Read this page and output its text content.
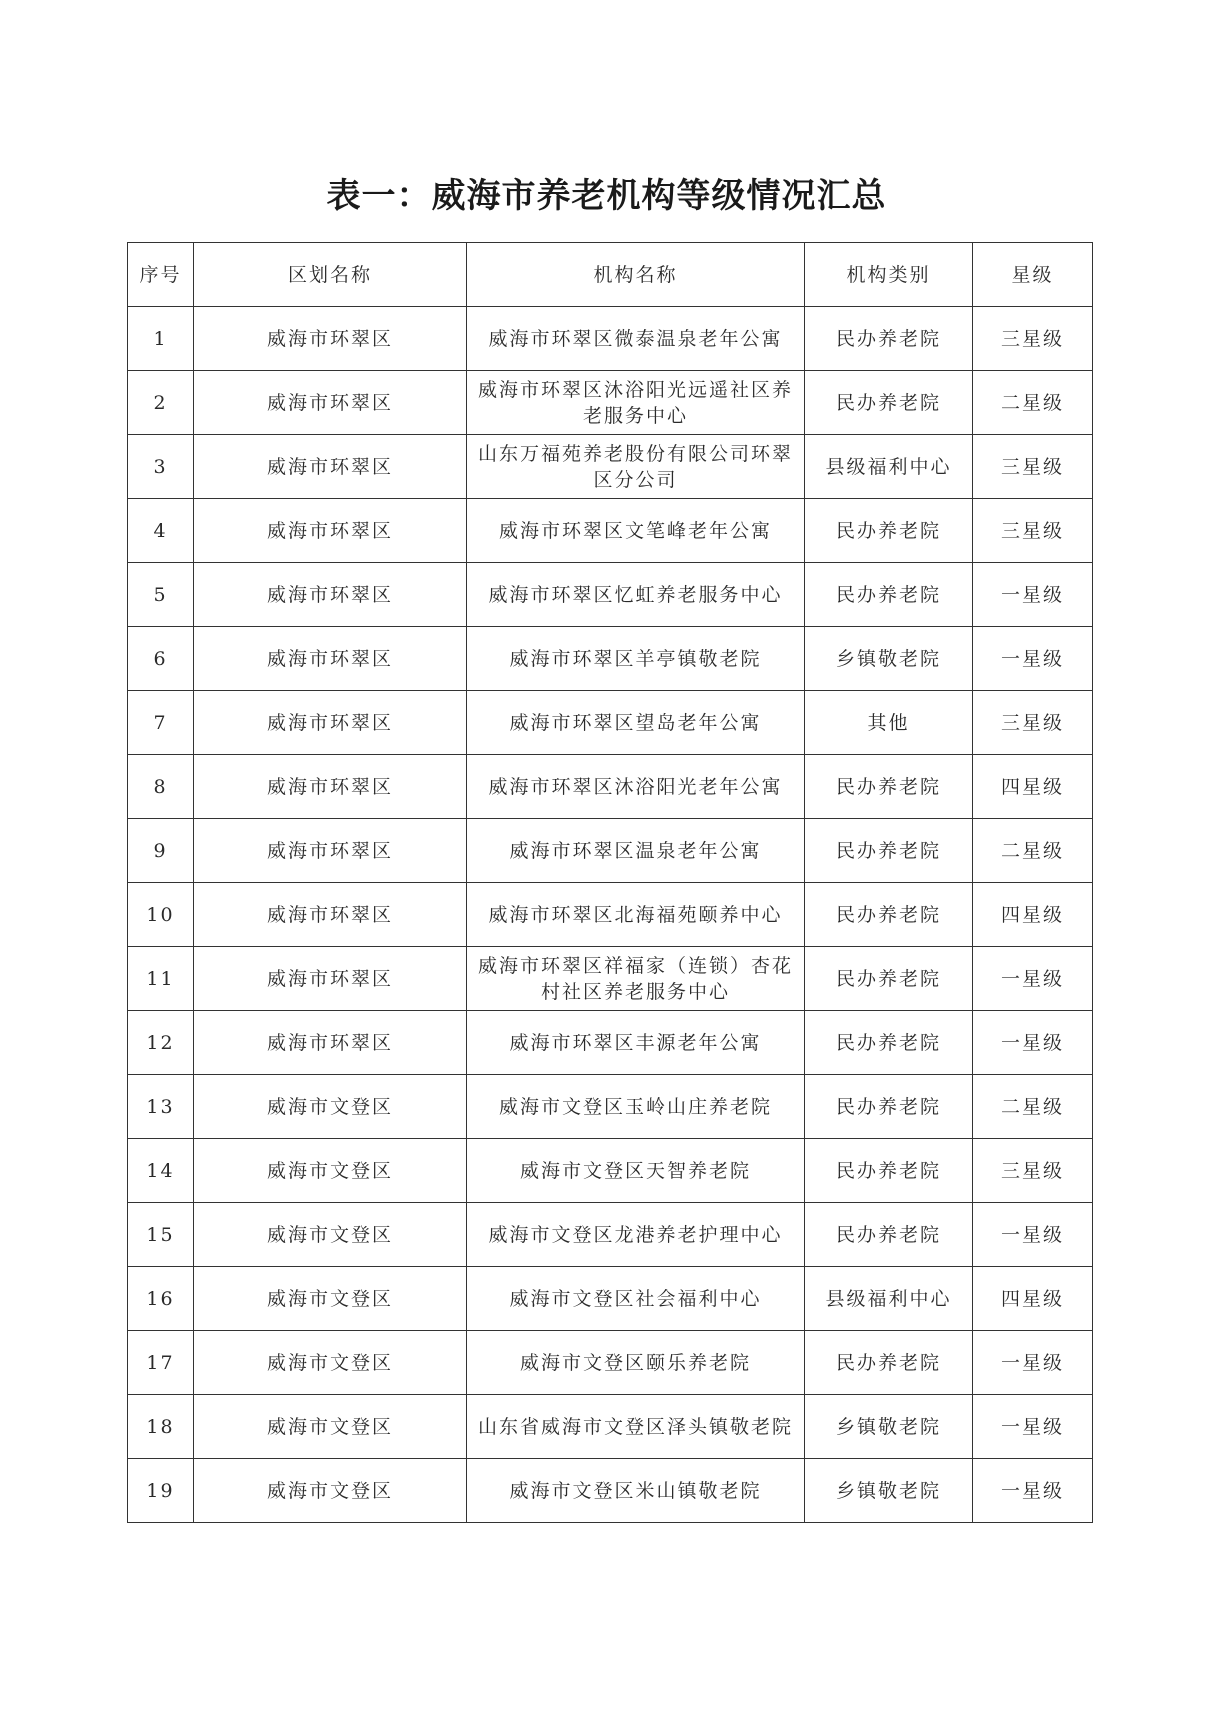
表一：威海市养老机构等级情况汇总
序号	区划名称	机构名称	机构类别	星级
1	威海市环翠区	威海市环翠区微泰温泉老年公寓	民办养老院	三星级
2	威海市环翠区	威海市环翠区沐浴阳光远遥社区养老服务中心	民办养老院	二星级
3	威海市环翠区	山东万福苑养老股份有限公司环翠区分公司	县级福利中心	三星级
4	威海市环翠区	威海市环翠区文笔峰老年公寓	民办养老院	三星级
5	威海市环翠区	威海市环翠区忆虹养老服务中心	民办养老院	一星级
6	威海市环翠区	威海市环翠区羊亭镇敬老院	乡镇敬老院	一星级
7	威海市环翠区	威海市环翠区望岛老年公寓	其他	三星级
8	威海市环翠区	威海市环翠区沐浴阳光老年公寓	民办养老院	四星级
9	威海市环翠区	威海市环翠区温泉老年公寓	民办养老院	二星级
10	威海市环翠区	威海市环翠区北海福苑颐养中心	民办养老院	四星级
11	威海市环翠区	威海市环翠区祥福家（连锁）杏花村社区养老服务中心	民办养老院	一星级
12	威海市环翠区	威海市环翠区丰源老年公寓	民办养老院	一星级
13	威海市文登区	威海市文登区玉岭山庄养老院	民办养老院	二星级
14	威海市文登区	威海市文登区天智养老院	民办养老院	三星级
15	威海市文登区	威海市文登区龙港养老护理中心	民办养老院	一星级
16	威海市文登区	威海市文登区社会福利中心	县级福利中心	四星级
17	威海市文登区	威海市文登区颐乐养老院	民办养老院	一星级
18	威海市文登区	山东省威海市文登区泽头镇敬老院	乡镇敬老院	一星级
19	威海市文登区	威海市文登区米山镇敬老院	乡镇敬老院	一星级
